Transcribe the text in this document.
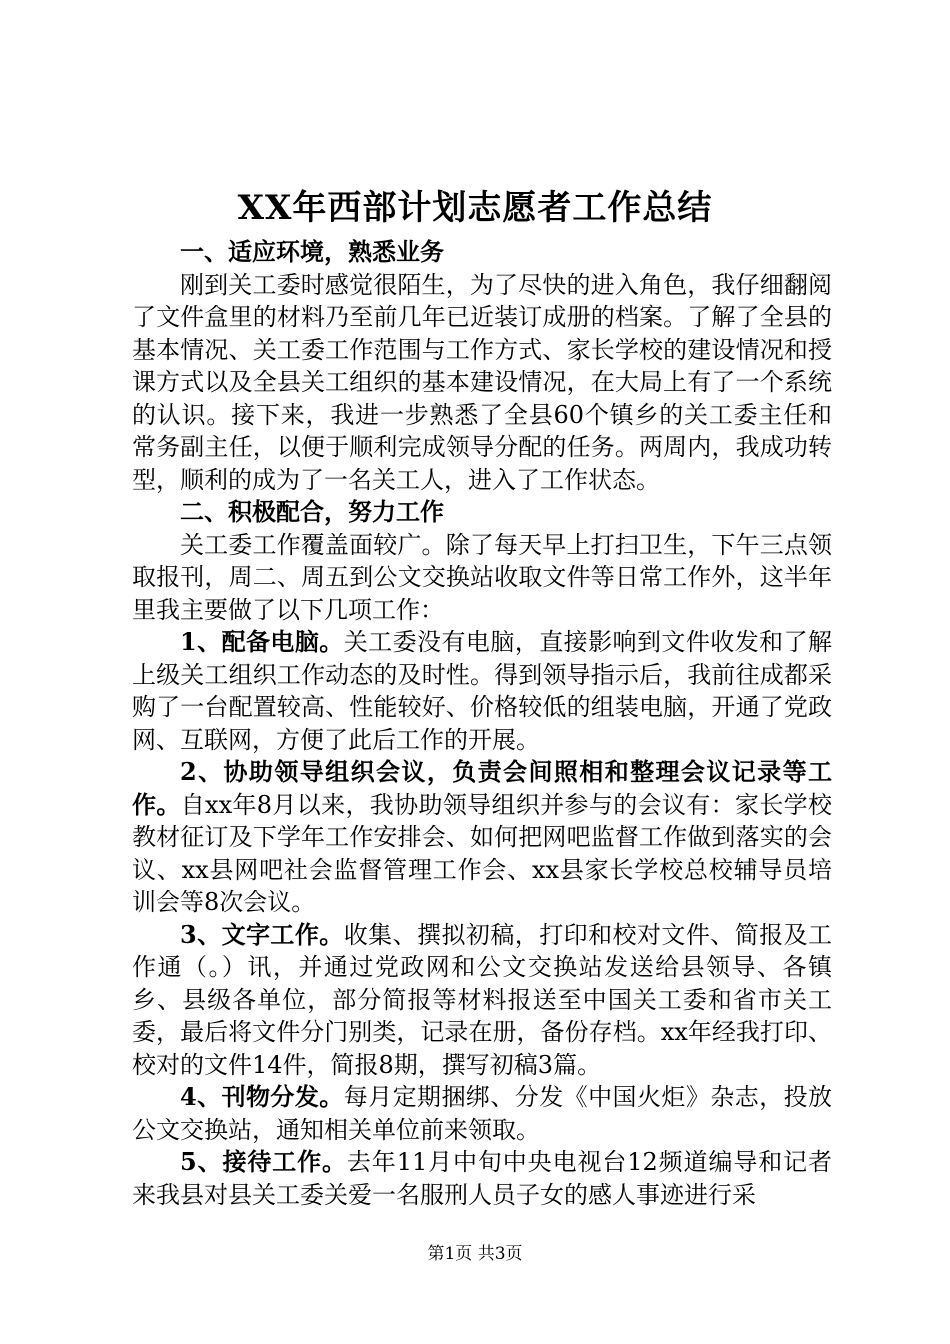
XX年西部计划志愿者工作总结

一、适应环境，熟悉业务

刚到关工委时感觉很陌生，为了尽快的进入角色，我仔细翻阅了文件盒里的材料乃至前几年已近装订成册的档案。了解了全县的基本情况、关工委工作范围与工作方式、家长学校的建设情况和授课方式以及全县关工组织的基本建设情况，在大局上有了一个系统的认识。接下来，我进一步熟悉了全县60个镇乡的关工委主任和常务副主任，以便于顺利完成领导分配的任务。两周内，我成功转型，顺利的成为了一名关工人，进入了工作状态。

二、积极配合，努力工作

关工委工作覆盖面较广。除了每天早上打扫卫生，下午三点领取报刊，周二、周五到公文交换站收取文件等日常工作外，这半年里我主要做了以下几项工作：

1、配备电脑。关工委没有电脑，直接影响到文件收发和了解上级关工组织工作动态的及时性。得到领导指示后，我前往成都采购了一台配置较高、性能较好、价格较低的组装电脑，开通了党政网、互联网，方便了此后工作的开展。

2、协助领导组织会议，负责会间照相和整理会议记录等工作。自xx年8月以来，我协助领导组织并参与的会议有：家长学校教材征订及下学年工作安排会、如何把网吧监督工作做到落实的会议、xx县网吧社会监督管理工作会、xx县家长学校总校辅导员培训会等8次会议。

3、文字工作。收集、撰拟初稿，打印和校对文件、简报及工作通（。）讯，并通过党政网和公文交换站发送给县领导、各镇乡、县级各单位，部分简报等材料报送至中国关工委和省市关工委，最后将文件分门别类，记录在册，备份存档。xx年经我打印、校对的文件14件，简报8期，撰写初稿3篇。

4、刊物分发。每月定期捆绑、分发《中国火炬》杂志，投放公文交换站，通知相关单位前来领取。

5、接待工作。去年11月中旬中央电视台12频道编导和记者来我县对县关工委关爱一名服刑人员子女的感人事迹进行采

第1页 共3页
